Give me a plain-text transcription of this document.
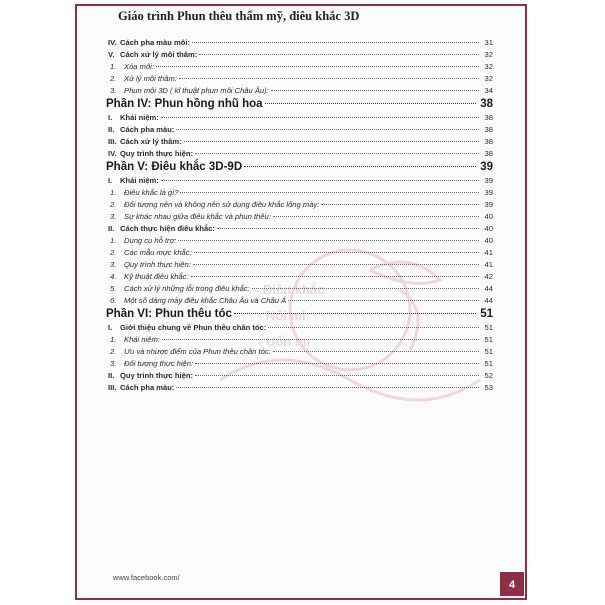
Giáo trình Phun thêu thẩm mỹ, điêu khắc 3D
- Điêu khắc
- Nối mi
- Uốn mi
IV. Cách pha màu môi:	31
V. Cách xử lý môi thâm:	32
1.	Xóa môi:	32
2.	Xử lý môi thâm:	32
3.	Phun môi 3D ( kĩ thuật phun môi Châu Âu):	34
Phần IV: Phun hồng nhũ hoa	38
I.	Khái niệm:	38
II. Cách pha màu:	38
III. Cách xử lý thâm:	38
IV. Quy trình thực hiện:	38
Phần V: Điêu khắc 3D-9D	39
I.	Khái niệm:	39
1.	Điêu khắc là gì?	39
2.	Đối tượng nên và không nên sử dụng điêu khắc lông mày:	39
3.	Sự khác nhau giữa điêu khắc và phun thêu:	40
II. Cách thực hiện điêu khắc:	40
1.	Dụng cụ hỗ trợ:	40
2.	Các mẫu mực khắc:	41
3.	Quy trình thực hiện:	41
4.	Kỹ thuật điêu khắc:	42
5.	Cách xử lý những lỗi trong điêu khắc:	44
6.	Một số dáng mày điêu khắc Châu Âu và Châu Á	44
Phần VI: Phun thêu tóc	51
I.	Giới thiệu chung về Phun thêu chân tóc:	51
1.	Khái niệm:	51
2.	Ưu và nhược điểm của Phun thêu chân tóc:	51
3.	Đối tượng thực hiện:	51
II. Quy trình thực hiện:	52
III. Cách pha màu:	53
www.facebook.com/
4
